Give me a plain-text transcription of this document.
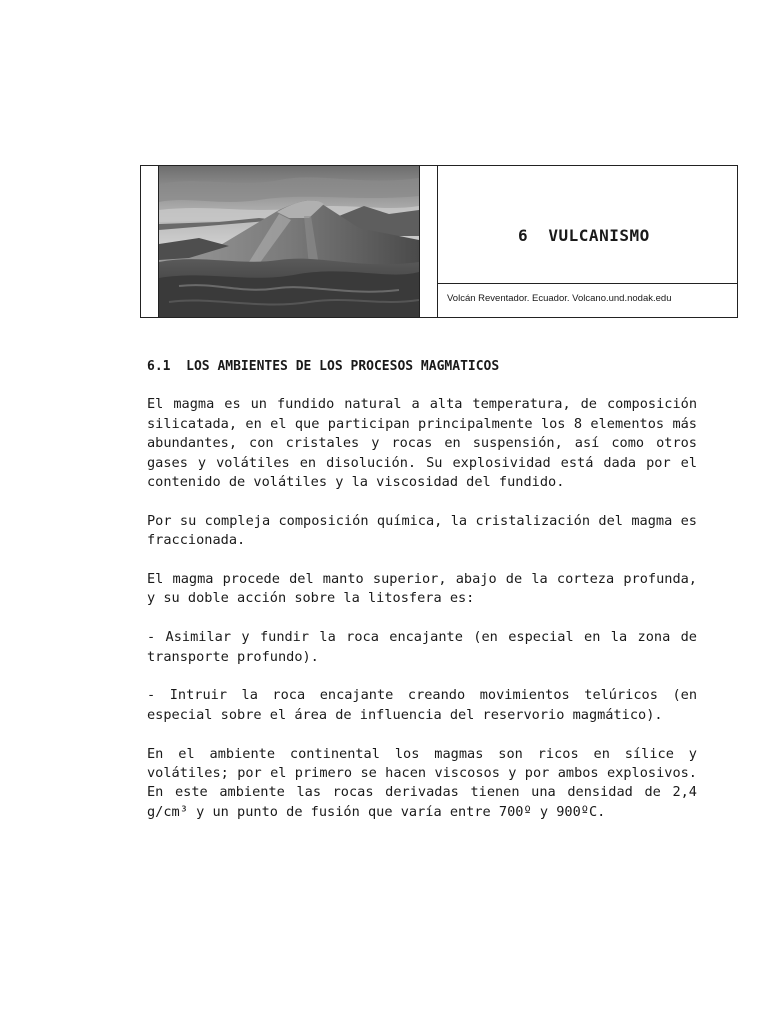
6  VULCANISMO
Volcán Reventador. Ecuador. Volcano.und.nodak.edu
6.1  LOS AMBIENTES DE LOS PROCESOS MAGMATICOS

El magma es un fundido natural a alta temperatura, de composición silicatada, en el que participan principalmente los 8 elementos más abundantes, con cristales y rocas en suspensión, así como otros gases y volátiles en disolución. Su explosividad está dada por el contenido de volátiles y la viscosidad del fundido.

Por su compleja composición química, la cristalización del magma es fraccionada.

El magma procede del manto superior, abajo de la corteza profunda, y su doble acción sobre la litosfera es:

- Asimilar y fundir la roca encajante (en especial en la zona de transporte profundo).

- Intruir la roca encajante creando movimientos telúricos (en especial sobre el área de influencia del reservorio magmático).

En el ambiente continental los magmas son ricos en sílice y volátiles; por el primero se hacen viscosos y por ambos explosivos. En este ambiente las rocas derivadas tienen una densidad de 2,4 g/cm³ y un punto de fusión que varía entre 700º y 900ºC.
